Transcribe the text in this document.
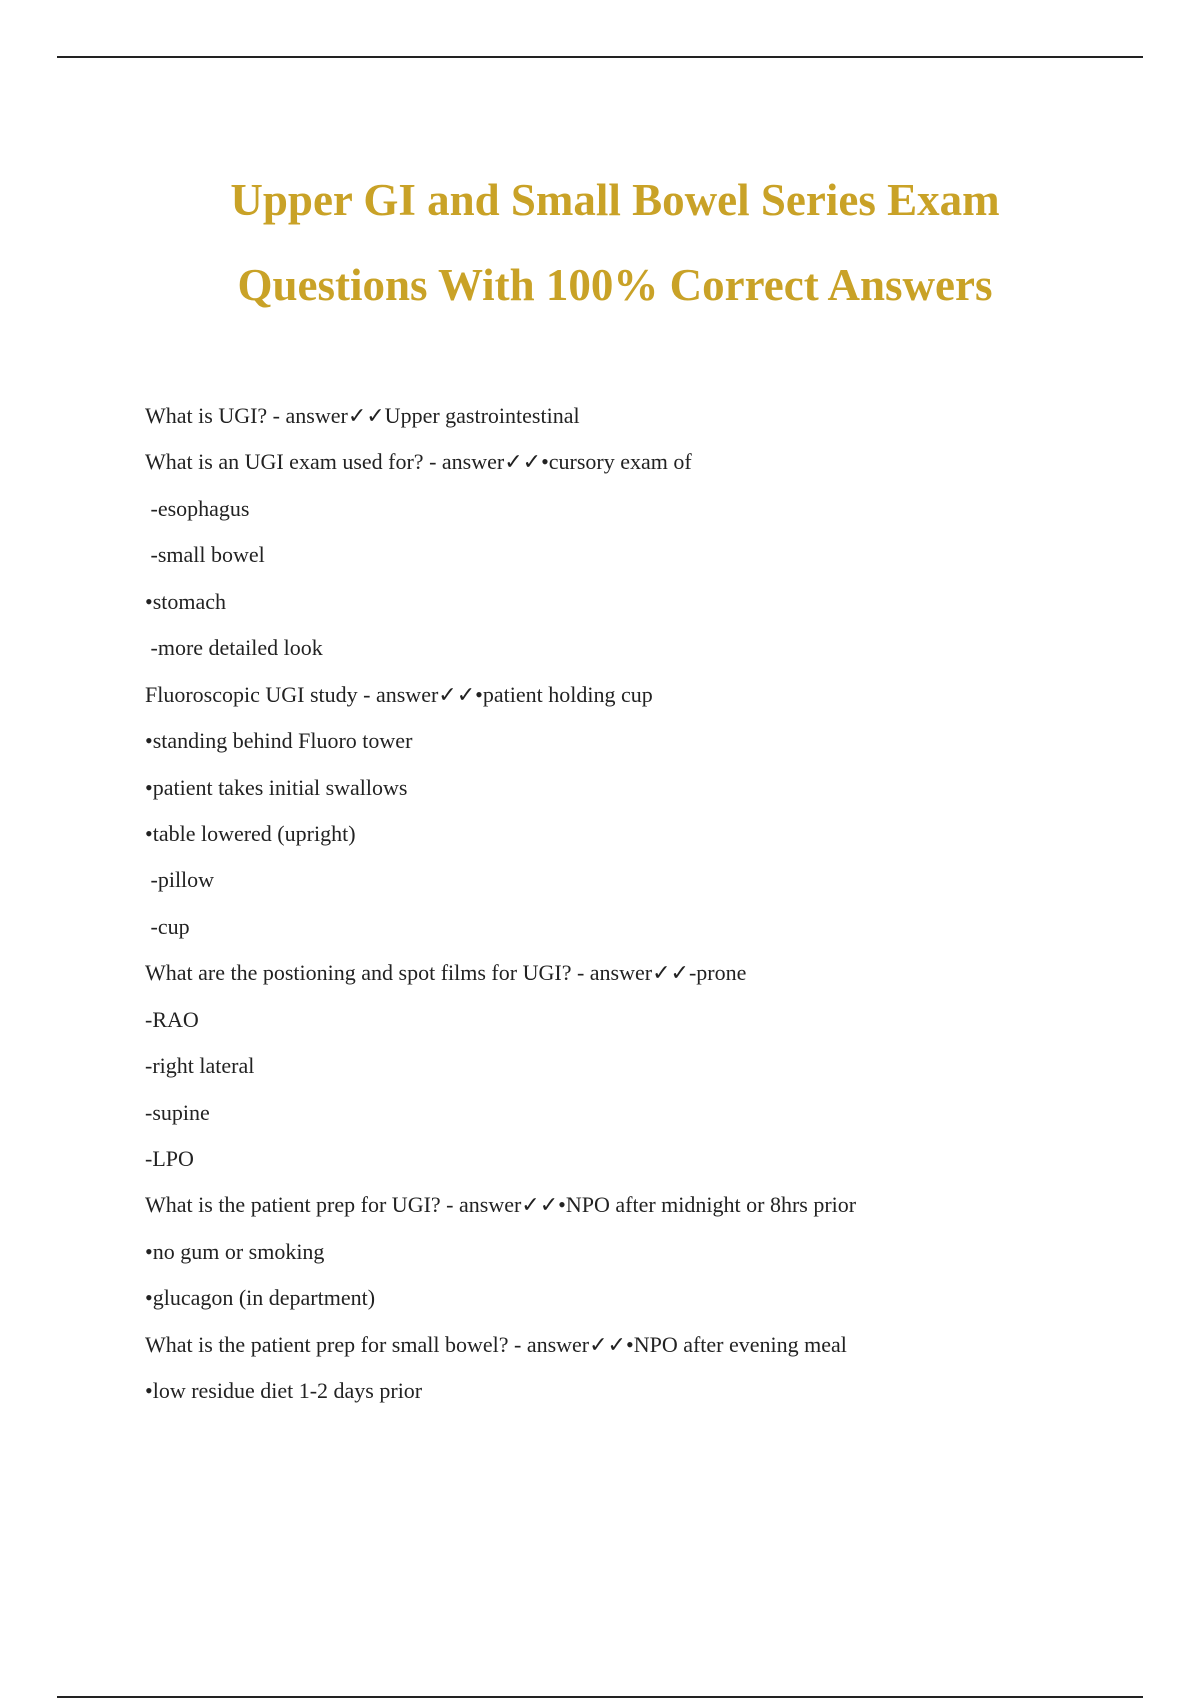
Upper GI and Small Bowel Series Exam
Questions With 100% Correct Answers
What is UGI? - answer✓✓Upper gastrointestinal
What is an UGI exam used for? - answer✓✓•cursory exam of
-esophagus
-small bowel
•stomach
-more detailed look
Fluoroscopic UGI study - answer✓✓•patient holding cup
•standing behind Fluoro tower
•patient takes initial swallows
•table lowered (upright)
-pillow
-cup
What are the postioning and spot films for UGI? - answer✓✓-prone
-RAO
-right lateral
-supine
-LPO
What is the patient prep for UGI? - answer✓✓•NPO after midnight or 8hrs prior
•no gum or smoking
•glucagon (in department)
What is the patient prep for small bowel? - answer✓✓•NPO after evening meal
•low residue diet 1-2 days prior
